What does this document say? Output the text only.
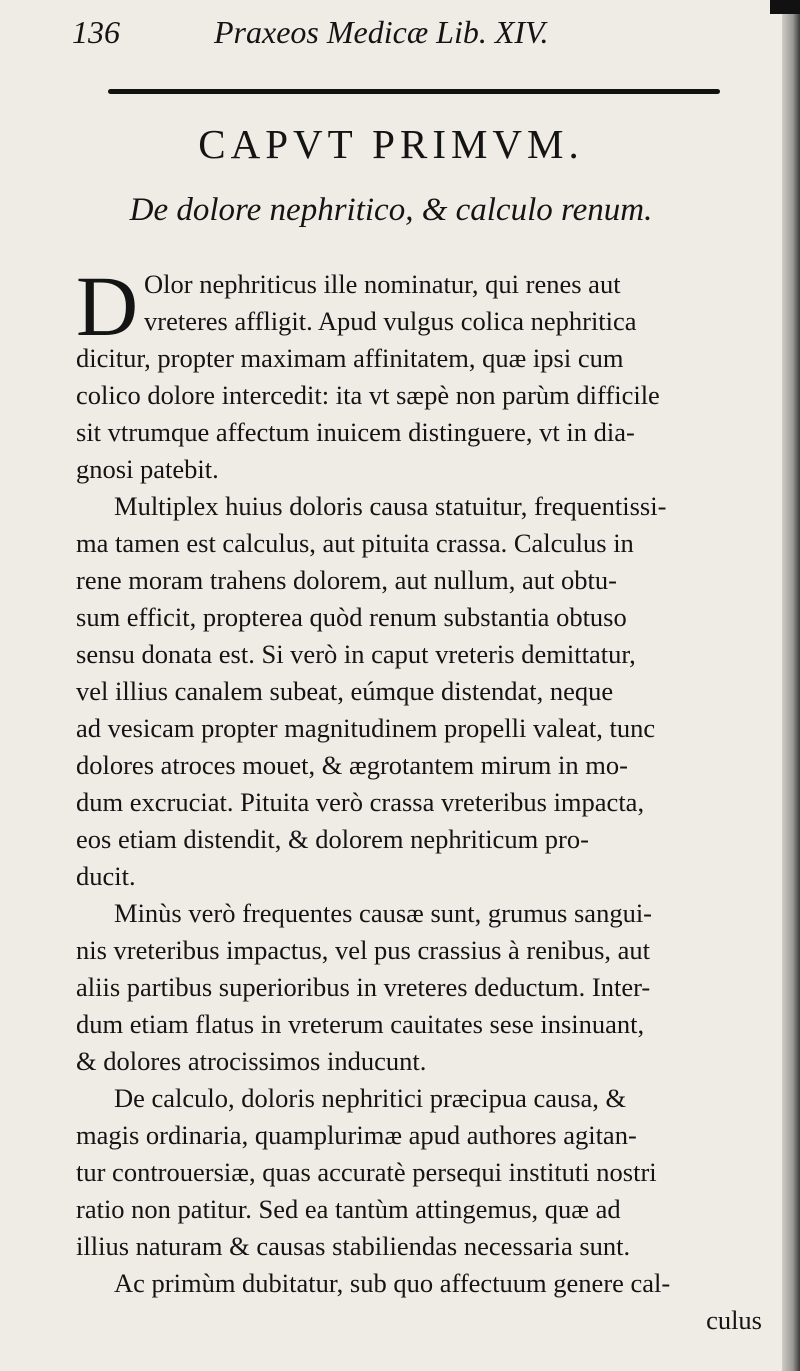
136	Praxeos Medicæ Lib. XIV.
CAPVT PRIMVM.
De dolore nephritico, & calculo renum.
D Olor nephriticus ille nominatur, qui renes aut
vreteres affligit. Apud vulgus colica nephritica
dicitur, propter maximam affinitatem, quæ ipsi cum
colico dolore intercedit: ita vt sæpè non parùm difficile
sit vtrumque affectum inuicem distinguere, vt in dia-
gnosi patebit.
Multiplex huius doloris causa statuitur, frequentissi-
ma tamen est calculus, aut pituita crassa. Calculus in
rene moram trahens dolorem, aut nullum, aut obtu-
sum efficit, propterea quòd renum substantia obtuso
sensu donata est. Si verò in caput vreteris demittatur,
vel illius canalem subeat, eúmque distendat, neque
ad vesicam propter magnitudinem propelli valeat, tunc
dolores atroces mouet, & ægrotantem mirum in mo-
dum excruciat. Pituita verò crassa vreteribus impacta,
eos etiam distendit, & dolorem nephriticum pro-
ducit.
Minùs verò frequentes causæ sunt, grumus sangui-
nis vreteribus impactus, vel pus crassius à renibus, aut
aliis partibus superioribus in vreteres deductum. Inter-
dum etiam flatus in vreterum cauitates sese insinuant,
& dolores atrocissimos inducunt.
De calculo, doloris nephritici præcipua causa, &
magis ordinaria, quamplurimæ apud authores agitan-
tur controuersiæ, quas accuratè persequi instituti nostri
ratio non patitur. Sed ea tantùm attingemus, quæ ad
illius naturam & causas stabiliendas necessaria sunt.
Ac primùm dubitatur, sub quo affectuum genere cal-
culus
